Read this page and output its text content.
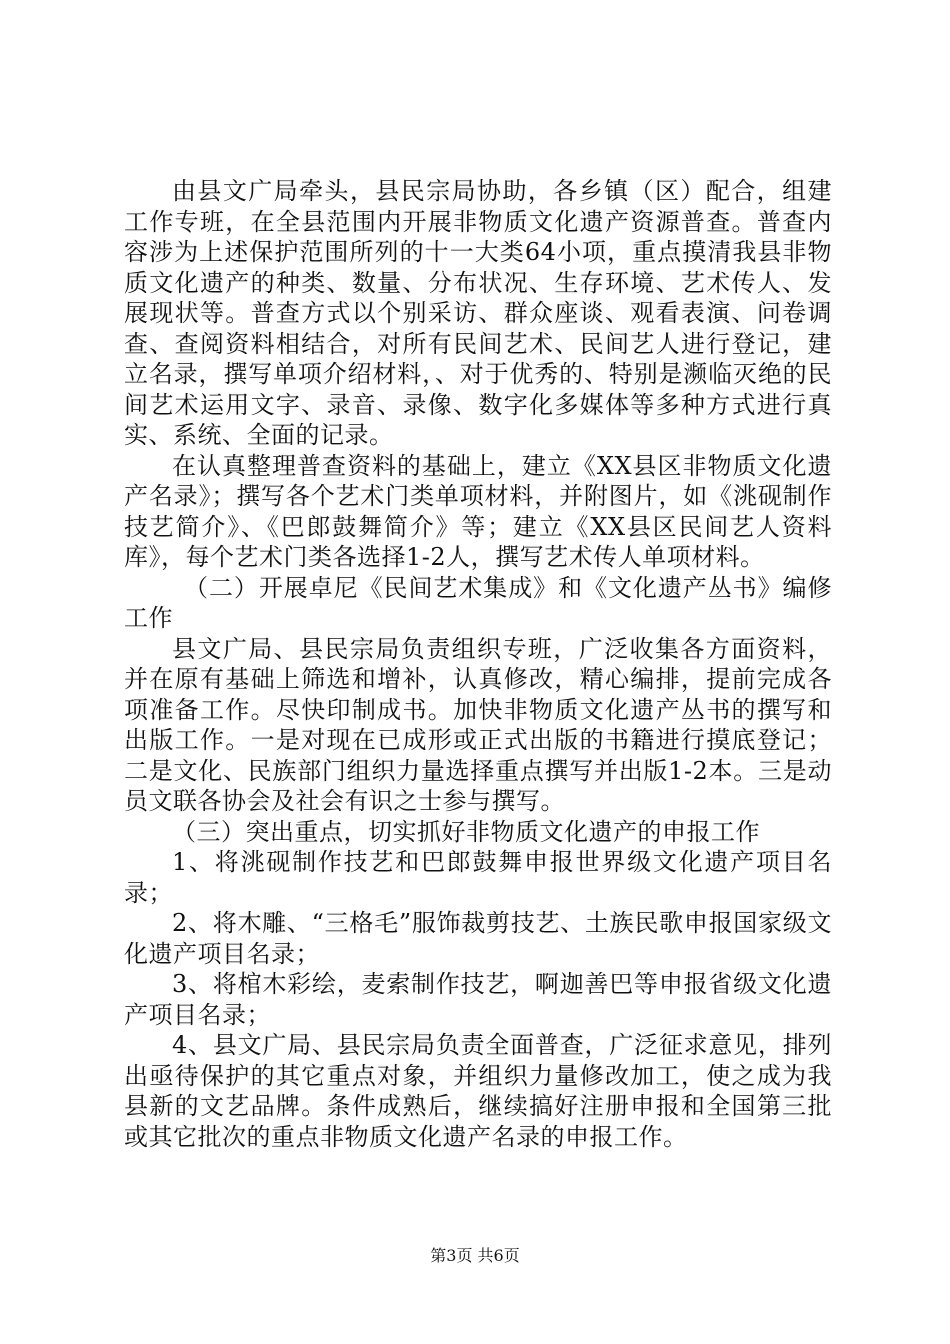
由县文广局牵头，县民宗局协助，各乡镇（区）配合，组建工作专班，在全县范围内开展非物质文化遗产资源普查。普查内容涉为上述保护范围所列的十一大类64小项，重点摸清我县非物质文化遗产的种类、数量、分布状况、生存环境、艺术传人、发展现状等。普查方式以个别采访、群众座谈、观看表演、问卷调查、查阅资料相结合，对所有民间艺术、民间艺人进行登记，建立名录，撰写单项介绍材料，、对于优秀的、特别是濒临灭绝的民间艺术运用文字、录音、录像、数字化多媒体等多种方式进行真实、系统、全面的记录。

在认真整理普查资料的基础上，建立《XX县区非物质文化遗产名录》；撰写各个艺术门类单项材料，并附图片，如《洮砚制作技艺简介》、《巴郎鼓舞简介》等；建立《XX县区民间艺人资料库》，每个艺术门类各选择1-2人，撰写艺术传人单项材料。

（二）开展卓尼《民间艺术集成》和《文化遗产丛书》编修工作

县文广局、县民宗局负责组织专班，广泛收集各方面资料，并在原有基础上筛选和增补，认真修改，精心编排，提前完成各项准备工作。尽快印制成书。加快非物质文化遗产丛书的撰写和出版工作。一是对现在已成形或正式出版的书籍进行摸底登记；二是文化、民族部门组织力量选择重点撰写并出版1-2本。三是动员文联各协会及社会有识之士参与撰写。

（三）突出重点，切实抓好非物质文化遗产的申报工作

1、将洮砚制作技艺和巴郎鼓舞申报世界级文化遗产项目名录；

2、将木雕、“三格毛”服饰裁剪技艺、土族民歌申报国家级文化遗产项目名录；

3、将棺木彩绘，麦索制作技艺，啊迦善巴等申报省级文化遗产项目名录；

4、县文广局、县民宗局负责全面普查，广泛征求意见，排列出亟待保护的其它重点对象，并组织力量修改加工，使之成为我县新的文艺品牌。条件成熟后，继续搞好注册申报和全国第三批或其它批次的重点非物质文化遗产名录的申报工作。

第3页 共6页
